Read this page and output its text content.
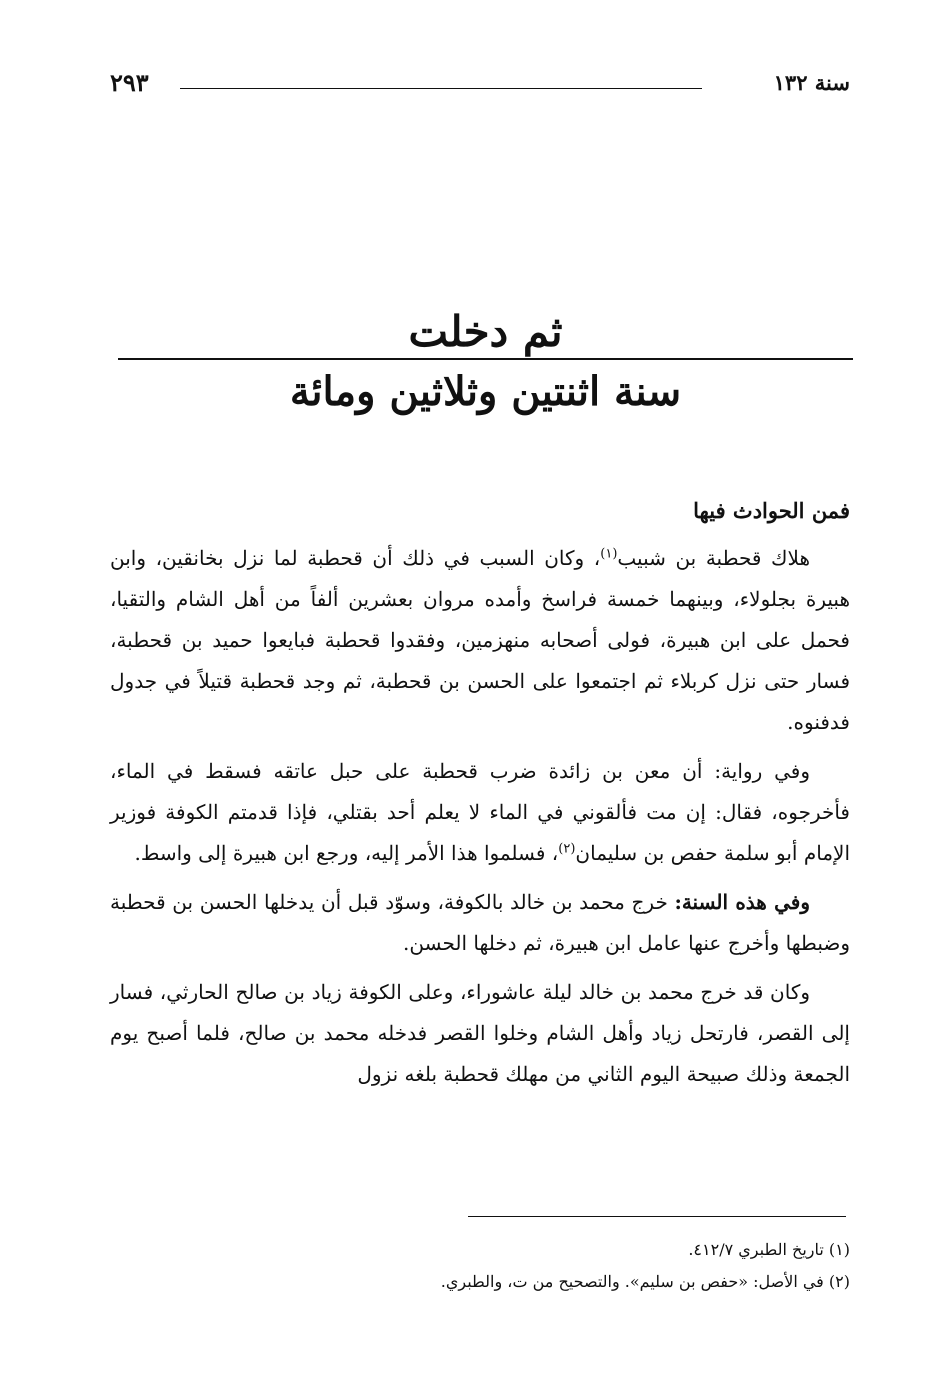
سنة ١٣٢
٢٩٣
ثم دخلت
سنة اثنتين وثلاثين ومائة
فمن الحوادث فيها

هلاك قحطبة بن شبيب$^{(١)}$، وكان السبب في ذلك أن قحطبة لما نزل بخانقين، وابن هبيرة بجلولاء، وبينهما خمسة فراسخ وأمده مروان بعشرين ألفاً من أهل الشام والتقيا، فحمل على ابن هبيرة، فولى أصحابه منهزمين، وفقدوا قحطبة فبايعوا حميد بن قحطبة، فسار حتى نزل كربلاء ثم اجتمعوا على الحسن بن قحطبة، ثم وجد قحطبة قتيلاً في جدول فدفنوه.

وفي رواية: أن معن بن زائدة ضرب قحطبة على حبل عاتقه فسقط في الماء، فأخرجوه، فقال: إن مت فألقوني في الماء لا يعلم أحد بقتلي، فإذا قدمتم الكوفة فوزير الإمام أبو سلمة حفص بن سليمان$^{(٢)}$، فسلموا هذا الأمر إليه، ورجع ابن هبيرة إلى واسط.

وفي هذه السنة: خرج محمد بن خالد بالكوفة، وسوّد قبل أن يدخلها الحسن بن قحطبة وضبطها وأخرج عنها عامل ابن هبيرة، ثم دخلها الحسن.

وكان قد خرج محمد بن خالد ليلة عاشوراء، وعلى الكوفة زياد بن صالح الحارثي، فسار إلى القصر، فارتحل زياد وأهل الشام وخلوا القصر فدخله محمد بن صالح، فلما أصبح يوم الجمعة وذلك صبيحة اليوم الثاني من مهلك قحطبة بلغه نزول

(١) تاريخ الطبري ٤١٢/٧.

(٢) في الأصل: «حفص بن سليم». والتصحيح من ت، والطبري.
